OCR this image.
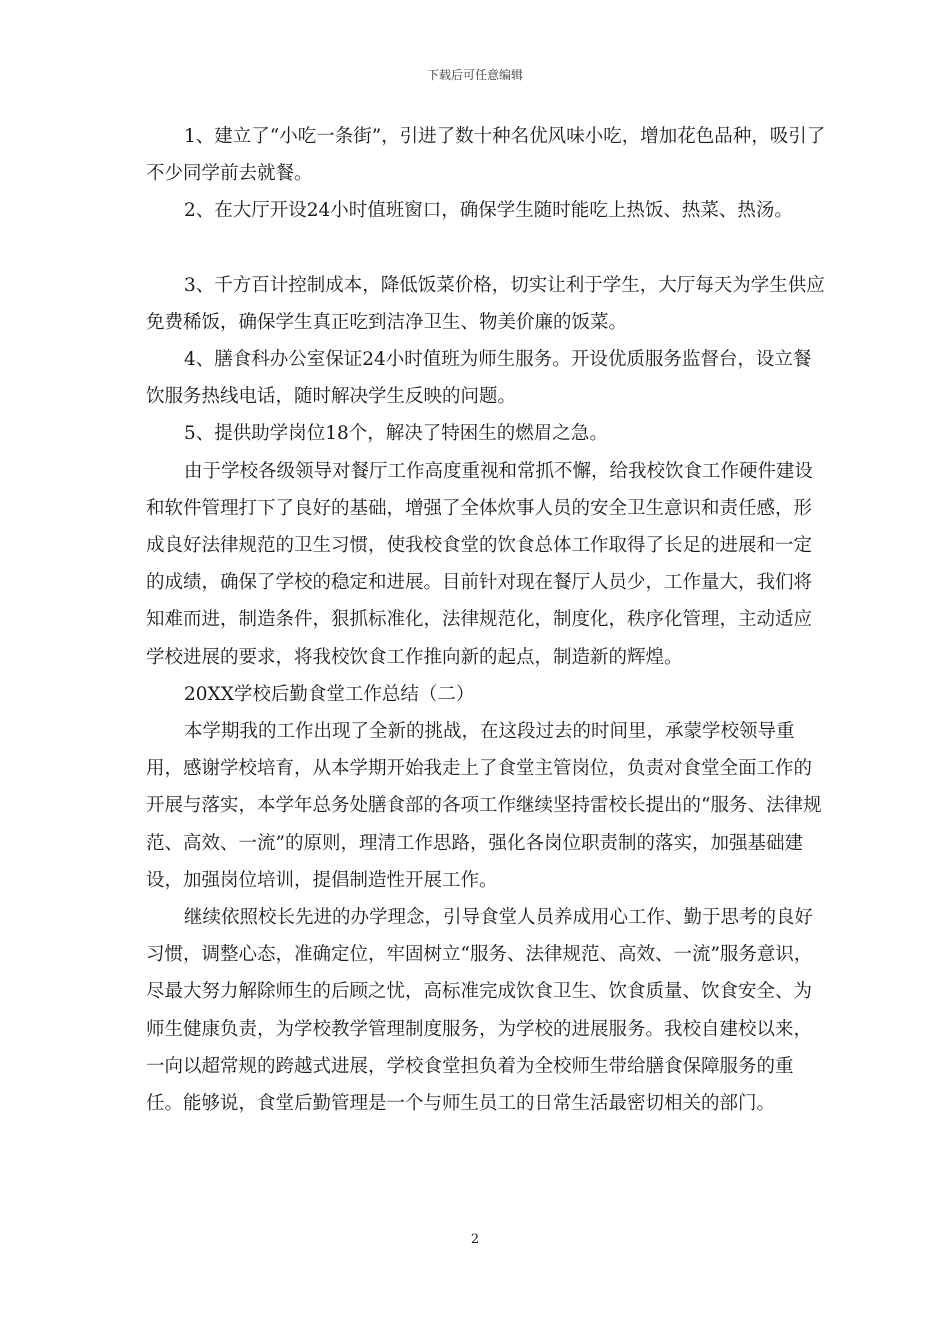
下载后可任意编辑

1、建立了“小吃一条街”，引进了数十种名优风味小吃，增加花色品种，吸引了不少同学前去就餐。

2、在大厅开设24小时值班窗口，确保学生随时能吃上热饭、热菜、热汤。

3、千方百计控制成本，降低饭菜价格，切实让利于学生，大厅每天为学生供应免费稀饭，确保学生真正吃到洁净卫生、物美价廉的饭菜。

4、膳食科办公室保证24小时值班为师生服务。开设优质服务监督台，设立餐饮服务热线电话，随时解决学生反映的问题。

5、提供助学岗位18个，解决了特困生的燃眉之急。

由于学校各级领导对餐厅工作高度重视和常抓不懈，给我校饮食工作硬件建设和软件管理打下了良好的基础，增强了全体炊事人员的安全卫生意识和责任感，形成良好法律规范的卫生习惯，使我校食堂的饮食总体工作取得了长足的进展和一定的成绩，确保了学校的稳定和进展。目前针对现在餐厅人员少，工作量大，我们将知难而进，制造条件，狠抓标准化，法律规范化，制度化，秩序化管理，主动适应学校进展的要求，将我校饮食工作推向新的起点，制造新的辉煌。

20XX学校后勤食堂工作总结（二）

本学期我的工作出现了全新的挑战，在这段过去的时间里，承蒙学校领导重用，感谢学校培育，从本学期开始我走上了食堂主管岗位，负责对食堂全面工作的开展与落实，本学年总务处膳食部的各项工作继续坚持雷校长提出的“服务、法律规范、高效、一流”的原则，理清工作思路，强化各岗位职责制的落实，加强基础建设，加强岗位培训，提倡制造性开展工作。

继续依照校长先进的办学理念，引导食堂人员养成用心工作、勤于思考的良好习惯，调整心态，准确定位，牢固树立“服务、法律规范、高效、一流”服务意识，尽最大努力解除师生的后顾之忧，高标准完成饮食卫生、饮食质量、饮食安全、为师生健康负责，为学校教学管理制度服务，为学校的进展服务。我校自建校以来，一向以超常规的跨越式进展，学校食堂担负着为全校师生带给膳食保障服务的重任。能够说，食堂后勤管理是一个与师生员工的日常生活最密切相关的部门。

2
